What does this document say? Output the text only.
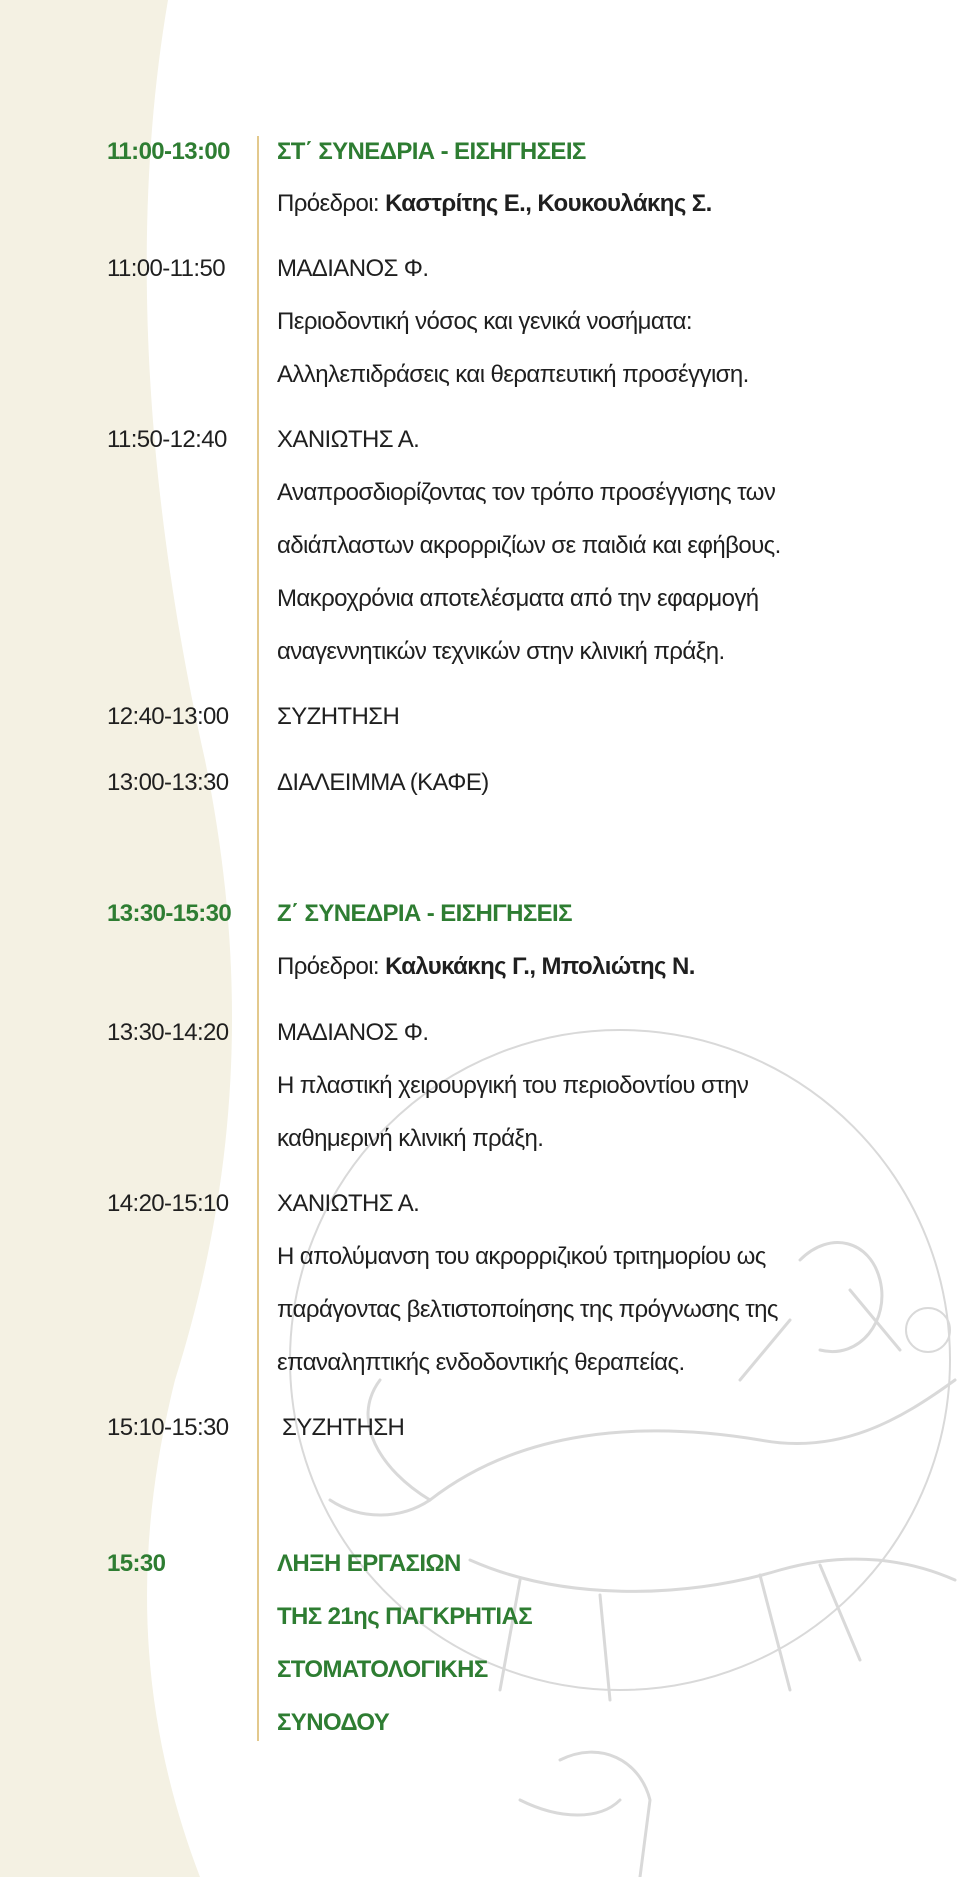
11:00-13:00 ΣΤ΄ ΣΥΝΕΔΡΙΑ - ΕΙΣΗΓΗΣΕΙΣ
Πρόεδροι: Καστρίτης Ε., Κουκουλάκης Σ.
11:00-11:50 ΜΑΔΙΑΝΟΣ Φ.
Περιοδοντική νόσος και γενικά νοσήματα:
Αλληλεπιδράσεις και θεραπευτική προσέγγιση.
11:50-12:40 ΧΑΝΙΩΤΗΣ Α.
Αναπροσδιορίζοντας τον τρόπο προσέγγισης των
αδιάπλαστων ακρορριζίων σε παιδιά και εφήβους.
Μακροχρόνια αποτελέσματα από την εφαρμογή
αναγεννητικών τεχνικών στην κλινική πράξη.
12:40-13:00 ΣΥΖΗΤΗΣΗ
13:00-13:30 ΔΙΑΛΕΙΜΜΑ (ΚΑΦΕ)
13:30-15:30 Ζ΄ ΣΥΝΕΔΡΙΑ - ΕΙΣΗΓΗΣΕΙΣ
Πρόεδροι: Καλυκάκης Γ., Μπολιώτης Ν.
13:30-14:20 ΜΑΔΙΑΝΟΣ Φ.
Η πλαστική χειρουργική του περιοδοντίου στην
καθημερινή κλινική πράξη.
14:20-15:10 ΧΑΝΙΩΤΗΣ Α.
Η απολύμανση του ακρορριζικού τριτημορίου ως
παράγοντας βελτιστοποίησης της πρόγνωσης της
επαναληπτικής ενδοδοντικής θεραπείας.
15:10-15:30 ΣΥΖΗΤΗΣΗ
15:30	ΛΗΞΗ ΕΡΓΑΣΙΩΝ
ΤΗΣ 21ης ΠΑΓΚΡΗΤΙΑΣ
ΣΤΟΜΑΤΟΛΟΓΙΚΗΣ
ΣΥΝΟΔΟΥ
